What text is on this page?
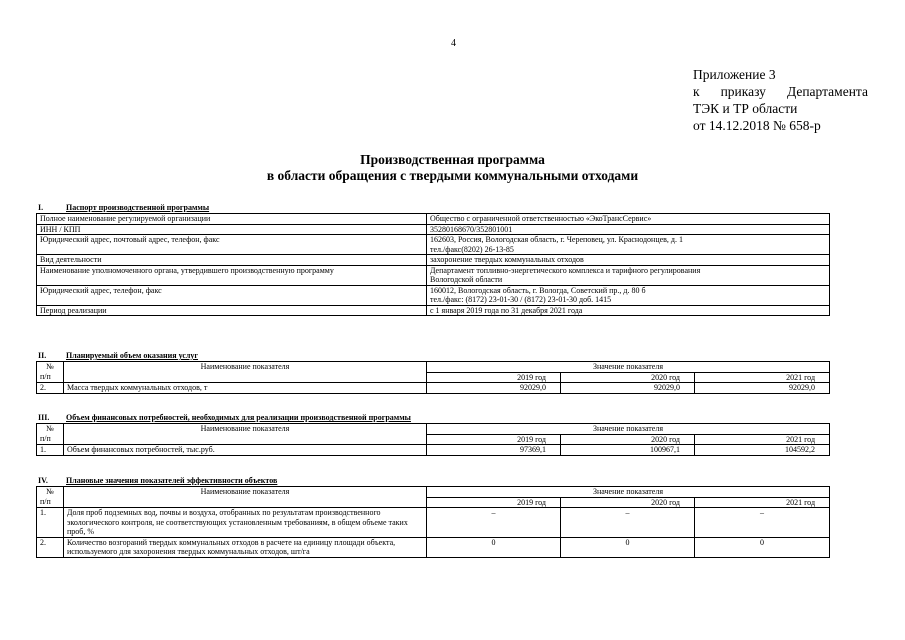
4
Приложение 3
к приказу Департамента
ТЭК и ТР области
от 14.12.2018 № 658-р
Производственная программа
в области обращения с твердыми коммунальными отходами
I.	Паспорт производственной программы
Полное наименование регулируемой организации	Общество с ограниченной ответственностью «ЭкоТрансСервис»
ИНН / КПП	3528016867​0/352801001
Юридический адрес, почтовый адрес, телефон, факс	162603, Россия, Вологодская область, г. Череповец, ул. Краснодонцев, д. 1
тел./факс(8202) 26-13-85

Вид деятельности	захоронение твердых коммунальных отходов
Наименование уполномоченного органа, утвердившего производственную программу	Департамент топливно-энергетического комплекса и тарифного регулирования
Вологодской области

Юридический адрес, телефон, факс	160012, Вологодская область, г. Вологда, Советский пр., д. 80 б
тел./факс: (8172) 23-01-30 / (8172) 23-01-30 доб. 1415

Период реализации	с 1 января 2019 года по 31 декабря 2021 года
II. Планируемый объем оказания услуг
№	Наименование показателя	Значение показателя		
п/п		2019 год	2020 год	2021 год
2.	Масса твердых коммунальных отходов, т	92029,0	92029,0	92029,0
III. Объем финансовых потребностей, необходимых для реализации производственной программы
№	Наименование показателя	Значение показателя		
п/п		2019 год	2020 год	2021 год
1.	Объем финансовых потребностей, тыс.руб.	97369,1	100967,1	104592,2
IV. Плановые значения показателей эффективности объектов
№	Наименование показателя	Значение показателя		
п/п		2019 год	2020 год	2021 год
1.	Доля проб подземных вод, почвы и воздуха, отобранных по результатам производственного экологического контроля, не соответствующих установленным требованиям, в общем объеме таких проб, %	–	–	–
2.	Количество возгораний твердых коммунальных отходов в расчете на единицу площади объекта, используемого для захоронения твердых коммунальных отходов, шт/га	0	0	0
